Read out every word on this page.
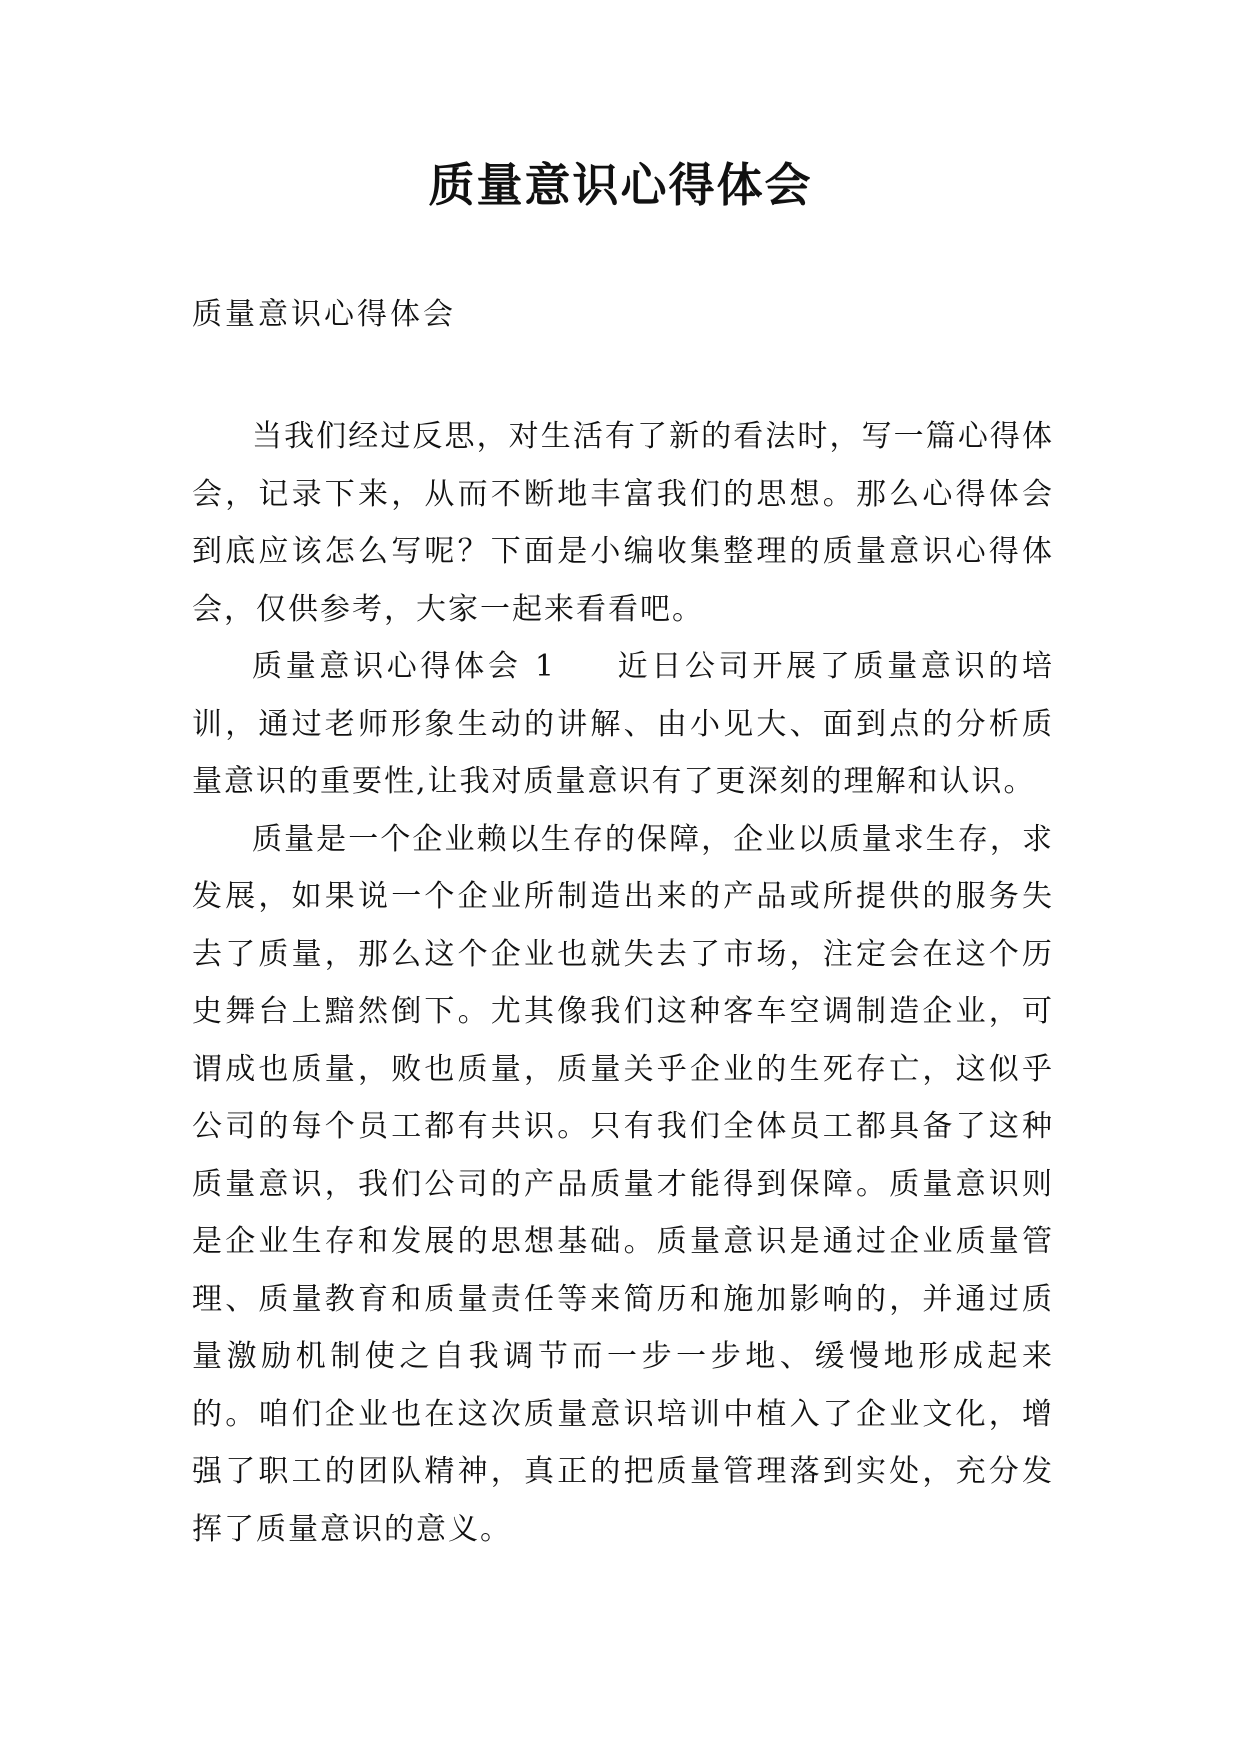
质量意识心得体会
质量意识心得体会

当我们经过反思，对生活有了新的看法时，写一篇心得体会，记录下来，从而不断地丰富我们的思想。那么心得体会到底应该怎么写呢？下面是小编收集整理的质量意识心得体会，仅供参考，大家一起来看看吧。

质量意识心得体会 1 近日公司开展了质量意识的培训，通过老师形象生动的讲解、由小见大、面到点的分析质量意识的重要性,让我对质量意识有了更深刻的理解和认识。

质量是一个企业赖以生存的保障，企业以质量求生存，求发展，如果说一个企业所制造出来的产品或所提供的服务失去了质量，那么这个企业也就失去了市场，注定会在这个历史舞台上黯然倒下。尤其像我们这种客车空调制造企业，可谓成也质量，败也质量，质量关乎企业的生死存亡，这似乎公司的每个员工都有共识。只有我们全体员工都具备了这种质量意识，我们公司的产品质量才能得到保障。质量意识则是企业生存和发展的思想基础。质量意识是通过企业质量管理、质量教育和质量责任等来简历和施加影响的，并通过质量激励机制使之自我调节而一步一步地、缓慢地形成起来的。咱们企业也在这次质量意识培训中植入了企业文化，增强了职工的团队精神，真正的把质量管理落到实处，充分发挥了质量意识的意义。
